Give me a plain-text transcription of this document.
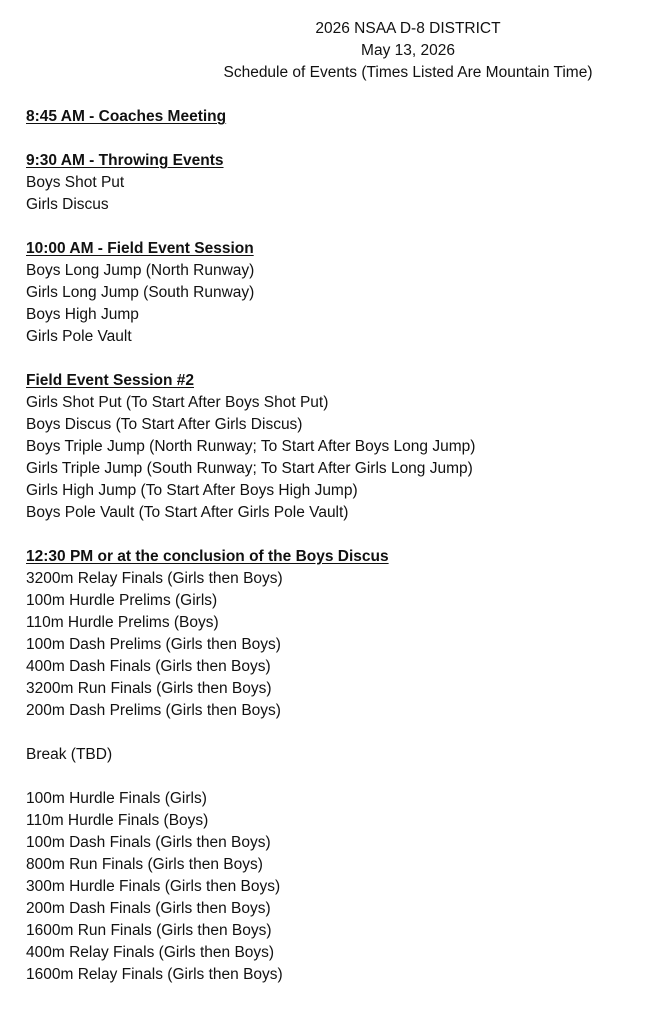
2026 NSAA D-8 DISTRICT
May 13, 2026
Schedule of Events (Times Listed Are Mountain Time)
8:45 AM - Coaches Meeting
9:30 AM - Throwing Events
Boys Shot Put
Girls Discus
10:00 AM - Field Event Session
Boys Long Jump (North Runway)
Girls Long Jump (South Runway)
Boys High Jump
Girls Pole Vault
Field Event Session #2
Girls Shot Put (To Start After Boys Shot Put)
Boys Discus (To Start After Girls Discus)
Boys Triple Jump (North Runway; To Start After Boys Long Jump)
Girls Triple Jump (South Runway; To Start After Girls Long Jump)
Girls High Jump (To Start After Boys High Jump)
Boys Pole Vault (To Start After Girls Pole Vault)
12:30 PM or at the conclusion of the Boys Discus
3200m Relay Finals (Girls then Boys)
100m Hurdle Prelims (Girls)
110m Hurdle Prelims (Boys)
100m Dash Prelims (Girls then Boys)
400m Dash Finals (Girls then Boys)
3200m Run Finals (Girls then Boys)
200m Dash Prelims (Girls then Boys)
Break (TBD)
100m Hurdle Finals (Girls)
110m Hurdle Finals (Boys)
100m Dash Finals (Girls then Boys)
800m Run Finals (Girls then Boys)
300m Hurdle Finals (Girls then Boys)
200m Dash Finals (Girls then Boys)
1600m Run Finals (Girls then Boys)
400m Relay Finals (Girls then Boys)
1600m Relay Finals (Girls then Boys)
